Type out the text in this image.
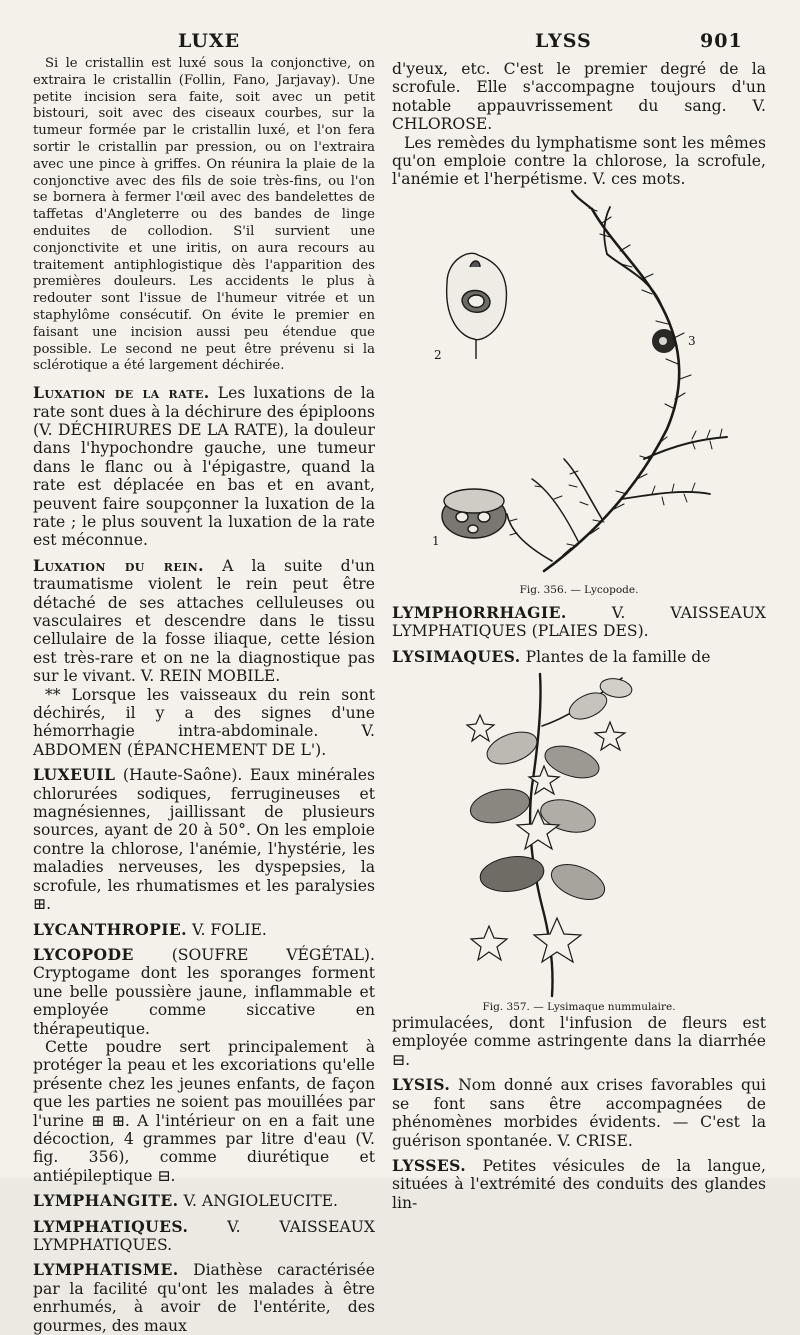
LUXE	LYSS	901

Si le cristallin est luxé sous la conjonctive, on extraira le cristallin (Follin, Fano, Jarjavay). Une petite incision sera faite, soit avec un petit bistouri, soit avec des ciseaux courbes, sur la tumeur formée par le cristallin luxé, et l'on fera sortir le cristallin par pression, ou on l'extraira avec une pince à griffes. On réunira la plaie de la conjonctive avec des fils de soie très-fins, ou l'on se bornera à fermer l'œil avec des bandelettes de taffetas d'Angleterre ou des bandes de linge enduites de collodion. S'il survient une conjonctivite et une iritis, on aura recours au traitement antiphlogistique dès l'apparition des premières douleurs. Les accidents le plus à redouter sont l'issue de l'humeur vitrée et un staphylôme consécutif. On évite le premier en faisant une incision aussi peu étendue que possible. Le second ne peut être prévenu si la sclérotique a été largement déchirée.

Luxation de la rate. Les luxations de la rate sont dues à la déchirure des épiploons (V. DÉCHIRURES DE LA RATE), la douleur dans l'hypochondre gauche, une tumeur dans le flanc ou à l'épigastre, quand la rate est déplacée en bas et en avant, peuvent faire soupçonner la luxation de la rate ; le plus souvent la luxation de la rate est méconnue.

Luxation du rein. A la suite d'un traumatisme violent le rein peut être détaché de ses attaches celluleuses ou vasculaires et descendre dans le tissu cellulaire de la fosse iliaque, cette lésion est très-rare et on ne la diagnostique pas sur le vivant. V. REIN MOBILE.

** Lorsque les vaisseaux du rein sont déchirés, il y a des signes d'une hémorrhagie intra-abdominale. V. ABDOMEN (ÉPANCHEMENT DE L').

LUXEUIL (Haute-Saône). Eaux minérales chlorurées sodiques, ferrugineuses et magnésiennes, jaillissant de plusieurs sources, ayant de 20 à 50°. On les emploie contre la chlorose, l'anémie, l'hystérie, les maladies nerveuses, les dyspepsies, la scrofule, les rhumatismes et les paralysies ⊞.

LYCANTHROPIE. V. FOLIE.

LYCOPODE (SOUFRE VÉGÉTAL). Cryptogame dont les sporanges forment une belle poussière jaune, inflammable et employée comme siccative en thérapeutique.

Cette poudre sert principalement à protéger la peau et les excoriations qu'elle présente chez les jeunes enfants, de façon que les parties ne soient pas mouillées par l'urine ⊞ ⊞. A l'intérieur on en a fait une décoction, 4 grammes par litre d'eau (V. fig. 356), comme diurétique et antiépileptique ⊟.

LYMPHANGITE. V. ANGIOLEUCITE.

LYMPHATIQUES. V. VAISSEAUX LYMPHATIQUES.

LYMPHATISME. Diathèse caractérisée par la facilité qu'ont les malades à être enrhumés, à avoir de l'entérite, des gourmes, des maux

d'yeux, etc. C'est le premier degré de la scrofule. Elle s'accompagne toujours d'un notable appauvrissement du sang. V. CHLOROSE.

Les remèdes du lymphatisme sont les mêmes qu'on emploie contre la chlorose, la scrofule, l'anémie et l'herpétisme. V. ces mots.

2
3
1
Fig. 356. — Lycopode.

LYMPHORRHAGIE.	V. VAISSEAUX LYMPHATIQUES (PLAIES DES).

LYSIMAQUES. Plantes de la famille de

Fig. 357. — Lysimaque nummulaire.

primulacées, dont l'infusion de fleurs est employée comme astringente dans la diarrhée ⊟.

LYSIS. Nom donné aux crises favorables qui se font sans être accompagnées de phénomènes morbides évidents. — C'est la guérison spontanée. V. CRISE.

LYSSES. Petites vésicules de la langue, situées à l'extrémité des conduits des glandes lin-
